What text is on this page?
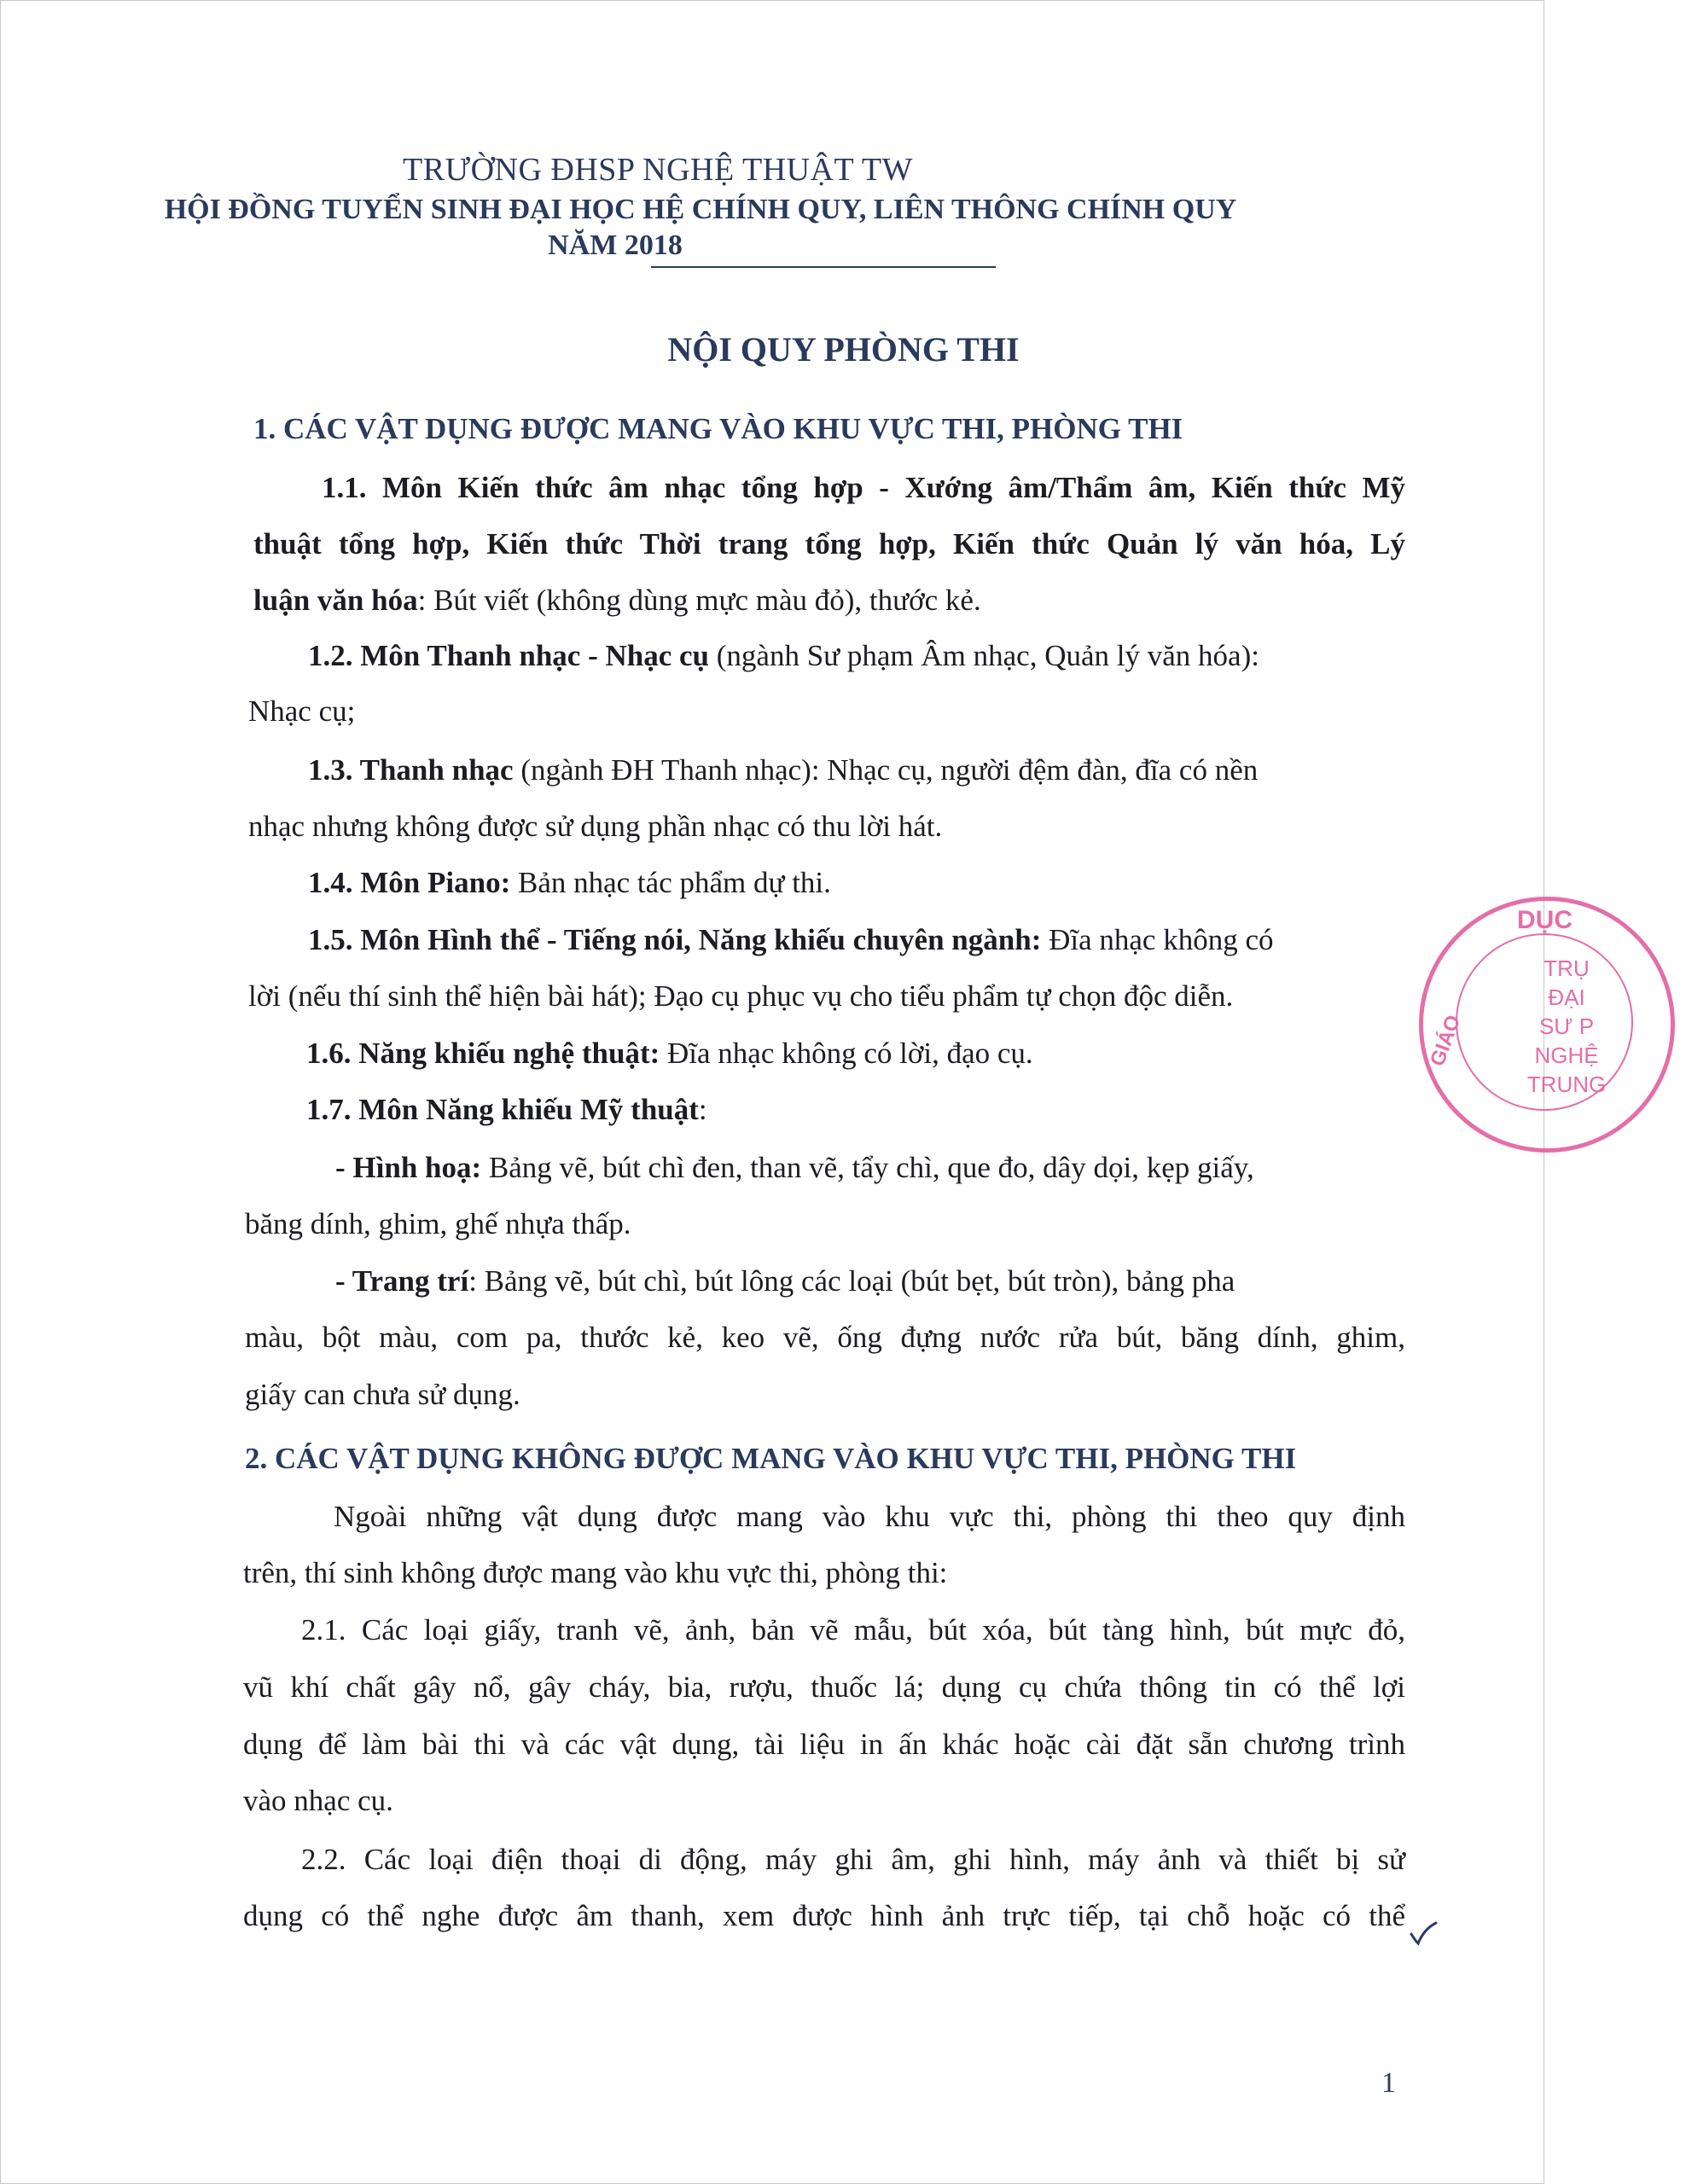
TRƯỜNG ĐHSP NGHỆ THUẬT TW
HỘI ĐỒNG TUYỂN SINH ĐẠI HỌC HỆ CHÍNH QUY, LIÊN THÔNG CHÍNH QUY
NĂM 2018
NỘI QUY PHÒNG THI
1. CÁC VẬT DỤNG ĐƯỢC MANG VÀO KHU VỰC THI, PHÒNG THI
1.1. Môn Kiến thức âm nhạc tổng hợp - Xướng âm/Thẩm âm, Kiến thức Mỹ
thuật tổng hợp, Kiến thức Thời trang tổng hợp, Kiến thức Quản lý văn hóa, Lý
luận văn hóa: Bút viết (không dùng mực màu đỏ), thước kẻ.
1.2. Môn Thanh nhạc - Nhạc cụ (ngành Sư phạm Âm nhạc, Quản lý văn hóa):
Nhạc cụ;
1.3. Thanh nhạc (ngành ĐH Thanh nhạc): Nhạc cụ, người đệm đàn, đĩa có nền
nhạc nhưng không được sử dụng phần nhạc có thu lời hát.
1.4. Môn Piano: Bản nhạc tác phẩm dự thi.
1.5. Môn Hình thể - Tiếng nói, Năng khiếu chuyên ngành: Đĩa nhạc không có
lời (nếu thí sinh thể hiện bài hát); Đạo cụ phục vụ cho tiểu phẩm tự chọn độc diễn.
1.6. Năng khiếu nghệ thuật: Đĩa nhạc không có lời, đạo cụ.
1.7. Môn Năng khiếu Mỹ thuật:
- Hình hoạ: Bảng vẽ, bút chì đen, than vẽ, tẩy chì, que đo, dây dọi, kẹp giấy,
băng dính, ghim, ghế nhựa thấp.
- Trang trí: Bảng vẽ, bút chì, bút lông các loại (bút bẹt, bút tròn), bảng pha
màu, bột màu, com pa, thước kẻ, keo vẽ, ống đựng nước rửa bút, băng dính, ghim,
giấy can chưa sử dụng.
2. CÁC VẬT DỤNG KHÔNG ĐƯỢC MANG VÀO KHU VỰC THI, PHÒNG THI
Ngoài những vật dụng được mang vào khu vực thi, phòng thi theo quy định
trên, thí sinh không được mang vào khu vực thi, phòng thi:
2.1. Các loại giấy, tranh vẽ, ảnh, bản vẽ mẫu, bút xóa, bút tàng hình, bút mực đỏ,
vũ khí chất gây nổ, gây cháy, bia, rượu, thuốc lá; dụng cụ chứa thông tin có thể lợi
dụng để làm bài thi và các vật dụng, tài liệu in ấn khác hoặc cài đặt sẵn chương trình
vào nhạc cụ.
2.2. Các loại điện thoại di động, máy ghi âm, ghi hình, máy ảnh và thiết bị sử
dụng có thể nghe được âm thanh, xem được hình ảnh trực tiếp, tại chỗ hoặc có thể
DỤC
GIÁO
TRỤ
ĐẠI
SƯ P
NGHỆ
TRUNG
1
